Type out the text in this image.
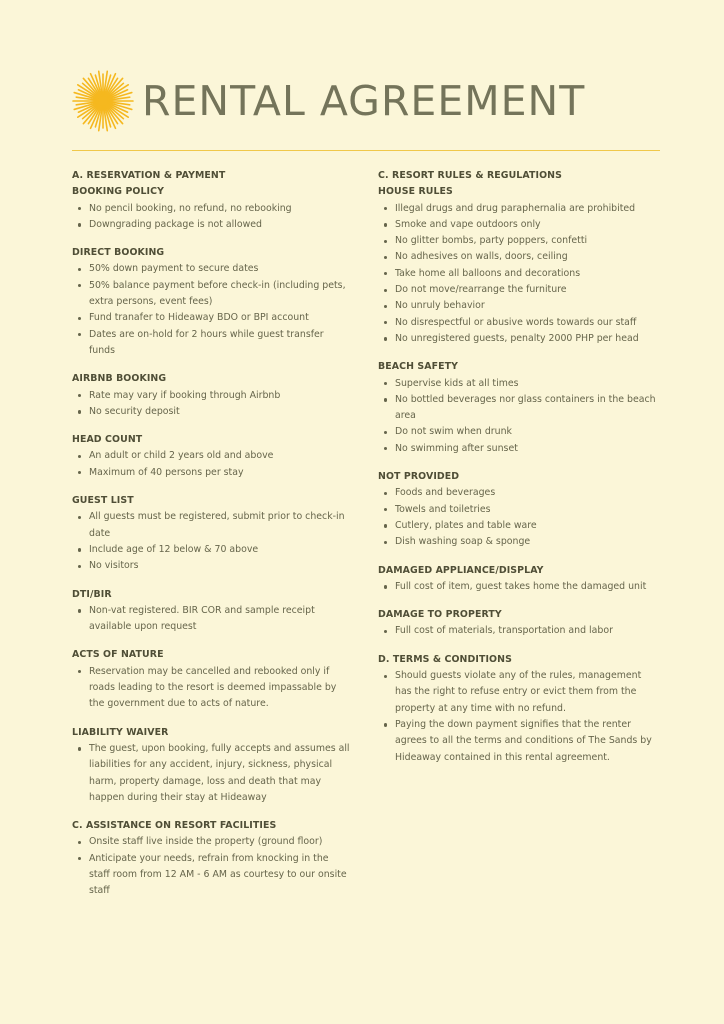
RENTAL AGREEMENT
A. RESERVATION & PAYMENT
BOOKING POLICY
No pencil booking, no refund, no rebooking
Downgrading package is not allowed
DIRECT BOOKING
50% down payment to secure dates
50% balance payment before check-in (including pets, extra persons, event fees)
Fund tranafer to Hideaway BDO or BPI account
Dates are on-hold for 2 hours while guest transfer funds
AIRBNB BOOKING
Rate may vary if booking through Airbnb
No security deposit
HEAD COUNT
An adult or child 2 years old and above
Maximum of 40 persons per stay
GUEST LIST
All guests must be registered, submit prior to check-in date
Include age of 12 below & 70 above
No visitors
DTI/BIR
Non-vat registered. BIR COR and sample receipt available upon request
ACTS OF NATURE
Reservation may be cancelled and rebooked only if roads leading to the resort is deemed impassable by the government due to acts of nature.
LIABILITY WAIVER
The guest, upon booking, fully accepts and assumes all liabilities for any accident, injury, sickness, physical harm, property damage, loss and death that may happen during their stay at Hideaway
C. ASSISTANCE ON RESORT FACILITIES
Onsite staff live inside the property (ground floor)
Anticipate your needs, refrain from knocking in the staff room from 12 AM - 6 AM as courtesy to our onsite staff
C. RESORT RULES & REGULATIONS
HOUSE RULES
Illegal drugs and drug paraphernalia are prohibited
Smoke and vape outdoors only
No glitter bombs, party poppers, confetti
No adhesives on walls, doors, ceiling
Take home all balloons and decorations
Do not move/rearrange the furniture
No unruly behavior
No disrespectful or abusive words towards our staff
No unregistered guests, penalty 2000 PHP per head
BEACH SAFETY
Supervise kids at all times
No bottled beverages nor glass containers in the beach area
Do not swim when drunk
No swimming after sunset
NOT PROVIDED
Foods and beverages
Towels and toiletries
Cutlery, plates and table ware
Dish washing soap & sponge
DAMAGED APPLIANCE/DISPLAY
Full cost of item, guest takes home the damaged unit
DAMAGE TO PROPERTY
Full cost of materials, transportation and labor
D. TERMS & CONDITIONS
Should guests violate any of the rules, management has the right to refuse entry or evict them from the property at any time with no refund.
Paying the down payment signifies that the renter agrees to all the terms and conditions of The Sands by Hideaway contained in this rental agreement.
